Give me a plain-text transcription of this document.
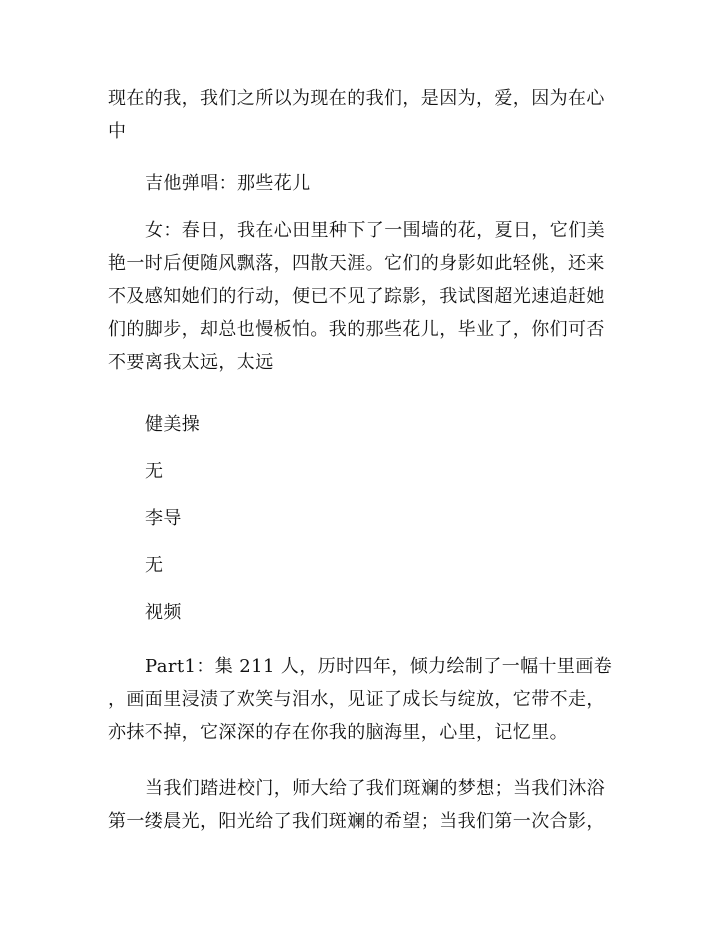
现在的我，我们之所以为现在的我们，是因为，爱，因为在心
中

吉他弹唱：那些花儿

女：春日，我在心田里种下了一围墙的花，夏日，它们美
艳一时后便随风飘落，四散天涯。它们的身影如此轻佻，还来
不及感知她们的行动，便已不见了踪影，我试图超光速追赶她
们的脚步，却总也慢板怕。我的那些花儿，毕业了，你们可否
不要离我太远，太远

健美操

无

李导

无

视频

Part1：集 211 人，历时四年，倾力绘制了一幅十里画卷
，画面里浸渍了欢笑与泪水，见证了成长与绽放，它带不走，
亦抹不掉，它深深的存在你我的脑海里，心里，记忆里。

当我们踏进校门，师大给了我们斑斓的梦想；当我们沐浴
第一缕晨光，阳光给了我们斑斓的希望；当我们第一次合影，
